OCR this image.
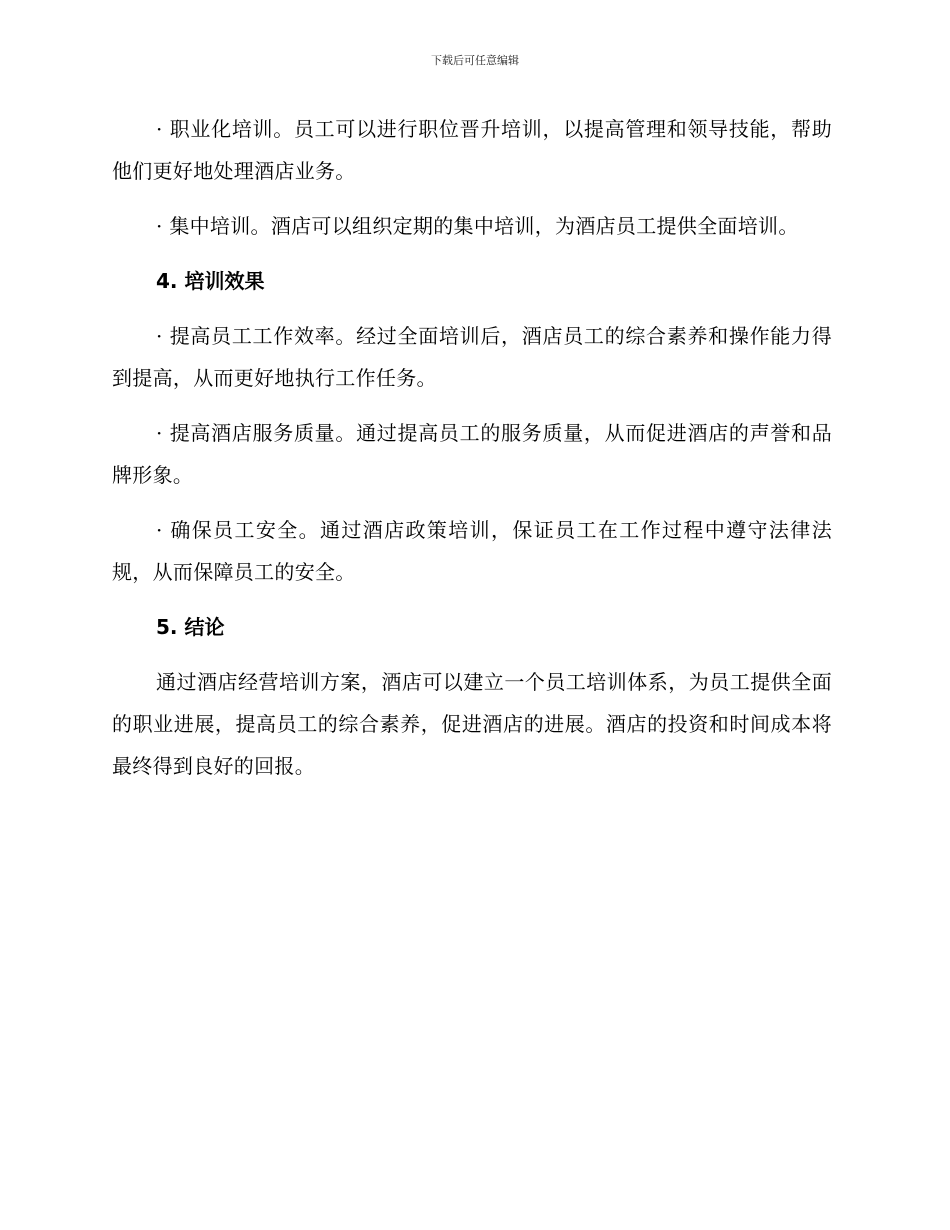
下载后可任意编辑

· 职业化培训。员工可以进行职位晋升培训，以提高管理和领导技能，帮助他们更好地处理酒店业务。

· 集中培训。酒店可以组织定期的集中培训，为酒店员工提供全面培训。

4. 培训效果

· 提高员工工作效率。经过全面培训后，酒店员工的综合素养和操作能力得到提高，从而更好地执行工作任务。

· 提高酒店服务质量。通过提高员工的服务质量，从而促进酒店的声誉和品牌形象。

· 确保员工安全。通过酒店政策培训，保证员工在工作过程中遵守法律法规，从而保障员工的安全。

5. 结论

通过酒店经营培训方案，酒店可以建立一个员工培训体系，为员工提供全面的职业进展，提高员工的综合素养，促进酒店的进展。酒店的投资和时间成本将最终得到良好的回报。
